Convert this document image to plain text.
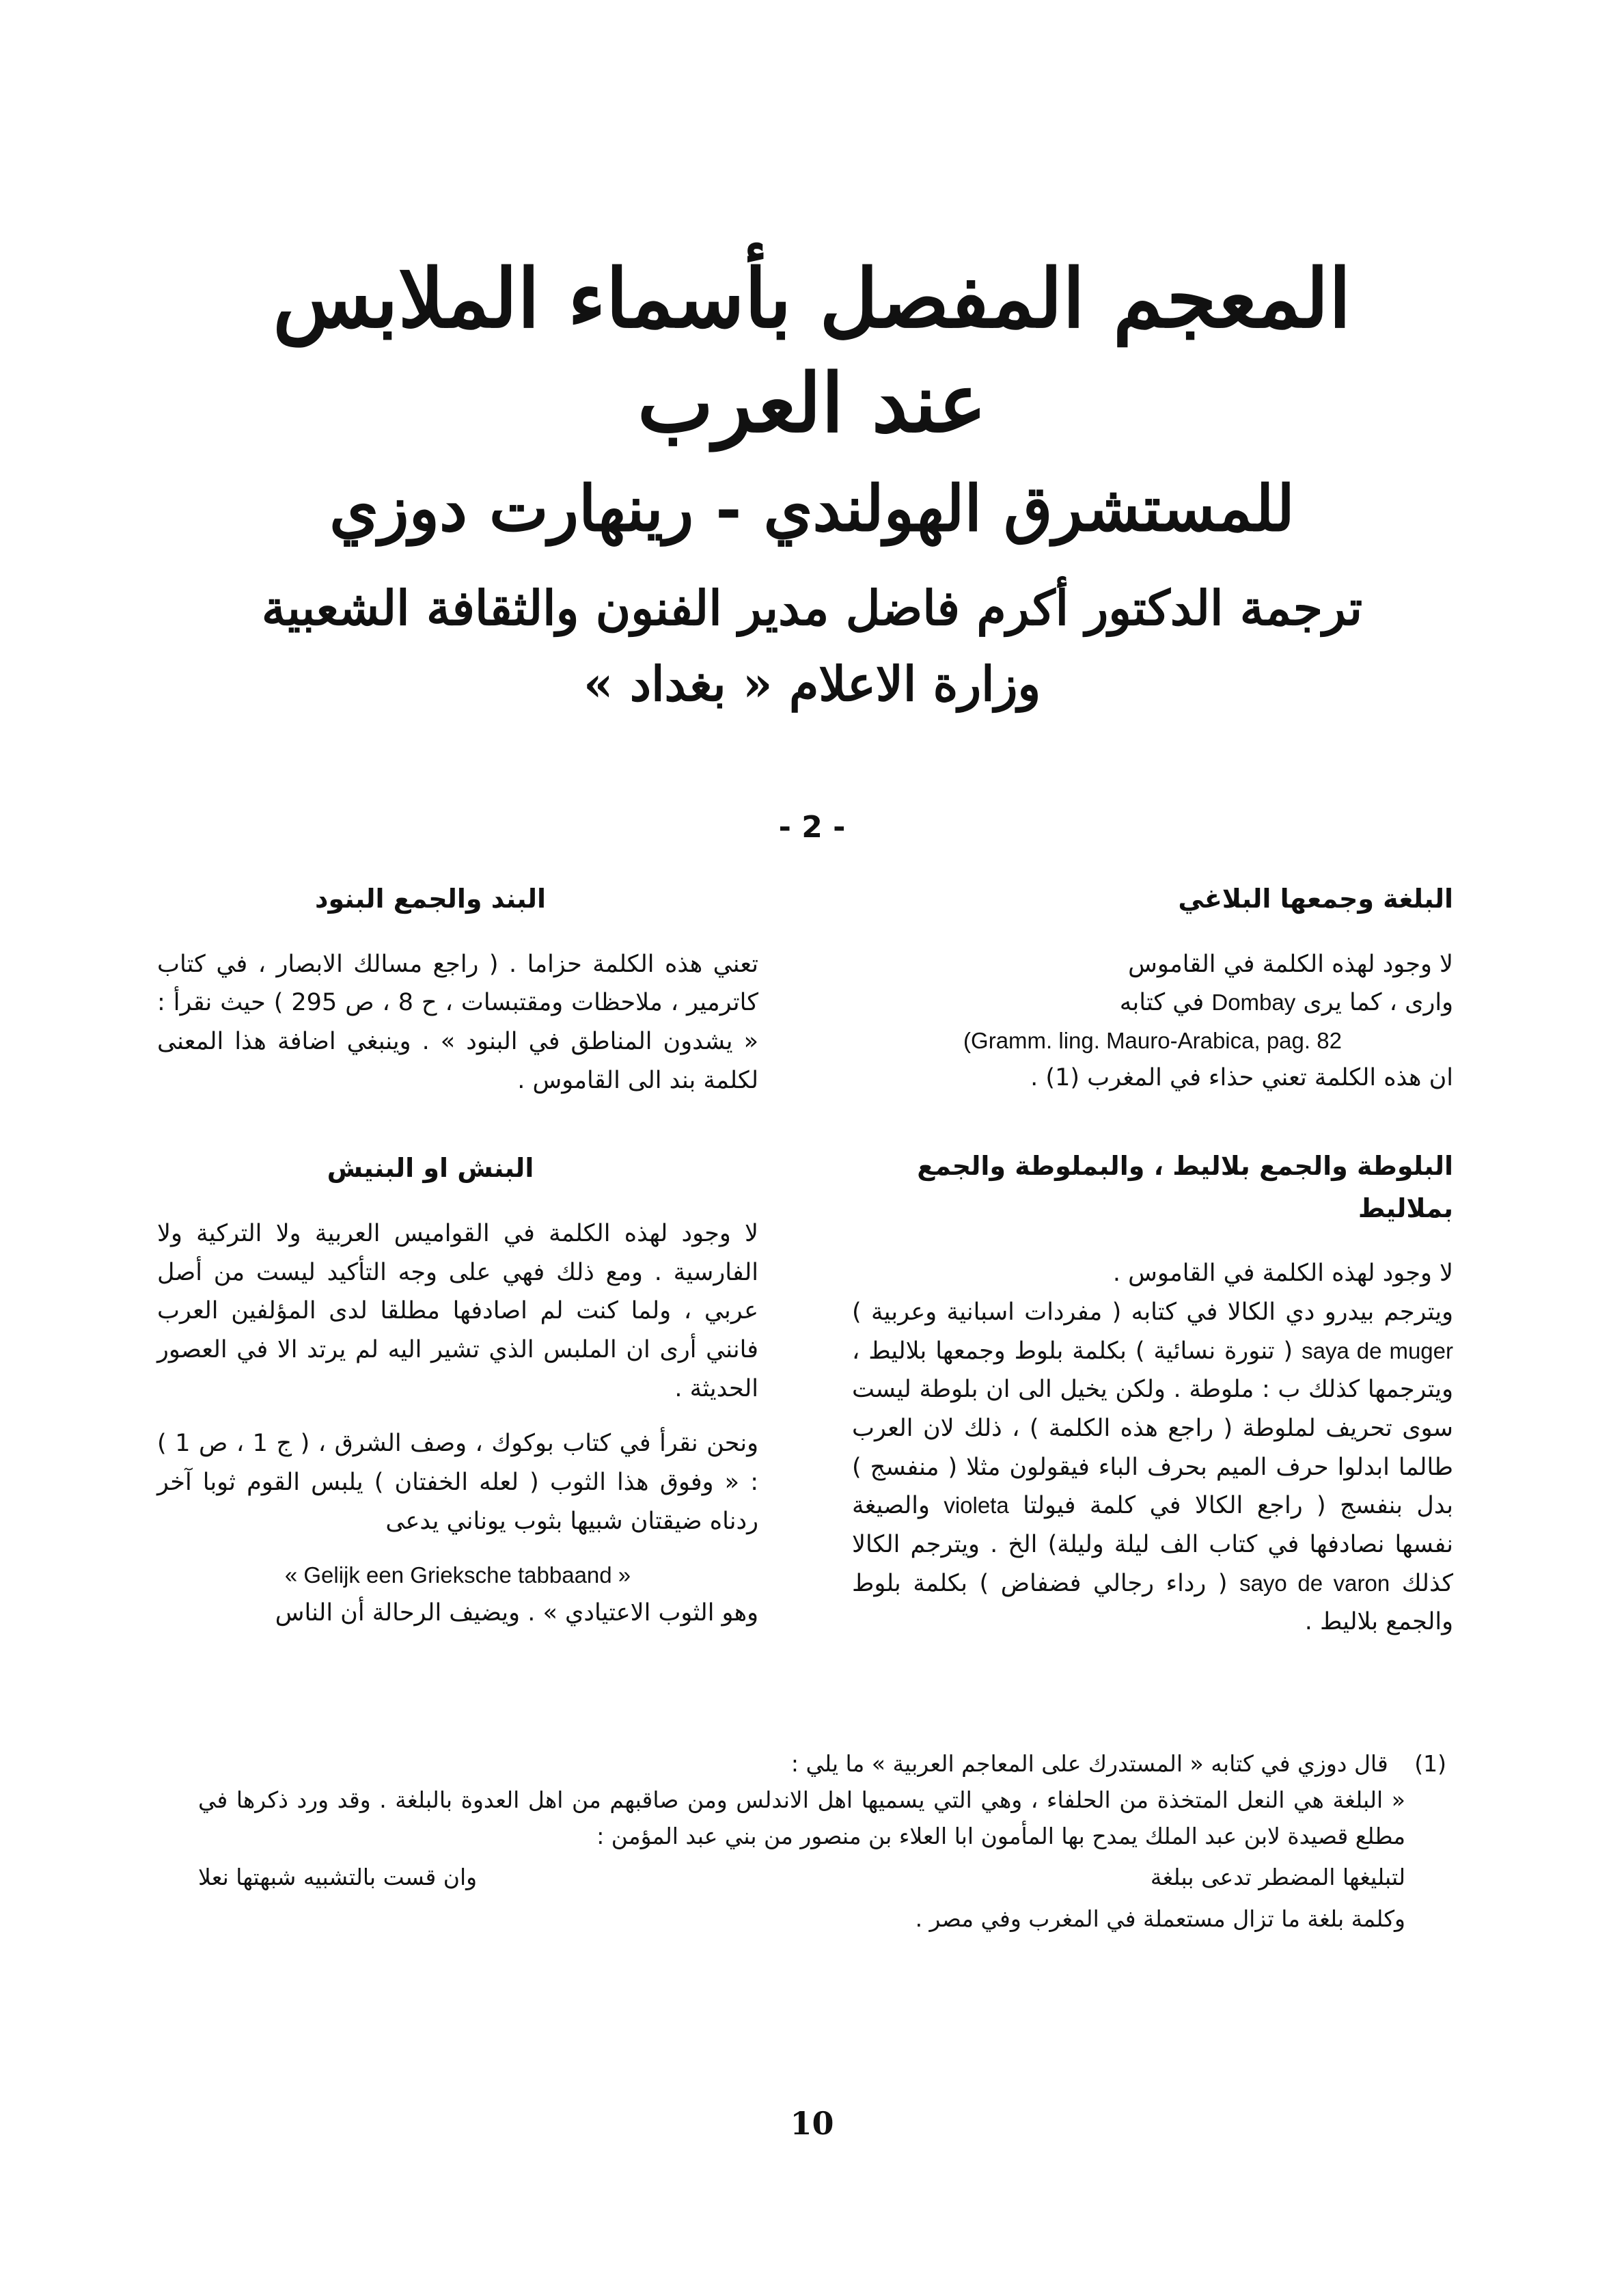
المعجم المفصل بأسماء الملابس عند العرب
للمستشرق الهولندي - رينهارت دوزي
ترجمة الدكتور أكرم فاضل مدير الفنون والثقافة الشعبية
وزارة الاعلام « بغداد »
- 2 -
البلغة وجمعها البلاغي
لا وجود لهذه الكلمة في القاموس
وارى ، كما يرى Dombay في كتابه
(Gramm. ling. Mauro-Arabica, pag. 82
ان هذه الكلمة تعني حذاء في المغرب (1) .
البلوطة والجمع بلاليط ، والبملوطة والجمع بملاليط
لا وجود لهذه الكلمة في القاموس .
ويترجم بيدرو دي الكالا في كتابه ( مفردات اسبانية وعربية ) saya de muger ( تنورة نسائية ) بكلمة بلوط وجمعها بلاليط ، ويترجمها كذلك ب : ملوطة . ولكن يخيل الى ان بلوطة ليست سوى تحريف لملوطة ( راجع هذه الكلمة ) ، ذلك لان العرب طالما ابدلوا حرف الميم بحرف الباء فيقولون مثلا ( منفسج ) بدل بنفسج ( راجع الكالا في كلمة فيولتا violeta والصيغة نفسها نصادفها في كتاب الف ليلة وليلة) الخ . ويترجم الكالا كذلك sayo de varon ( رداء رجالي فضفاض ) بكلمة بلوط والجمع بلاليط .
البند والجمع البنود
تعني هذه الكلمة حزاما . ( راجع مسالك الابصار ، في كتاب كاترمير ، ملاحظات ومقتبسات ، ح 8 ، ص 295 ) حيث نقرأ : « يشدون المناطق في البنود » . وينبغي اضافة هذا المعنى لكلمة بند الى القاموس .
البنش او البنيش
لا وجود لهذه الكلمة في القواميس العربية ولا التركية ولا الفارسية . ومع ذلك فهي على وجه التأكيد ليست من أصل عربي ، ولما كنت لم اصادفها مطلقا لدى المؤلفين العرب فانني أرى ان الملبس الذي تشير اليه لم يرتد الا في العصور الحديثة .
ونحن نقرأ في كتاب بوكوك ، وصف الشرق ، ( ج 1 ، ص 1 ) : « وفوق هذا الثوب ( لعله الخفتان ) يلبس القوم ثوبا آخر ردناه ضيقتان شبيها بثوب يوناني يدعى
« Gelijk een Grieksche tabbaand »
وهو الثوب الاعتيادي » . ويضيف الرحالة أن الناس
(1) قال دوزي في كتابه « المستدرك على المعاجم العربية » ما يلي :
« البلغة هي النعل المتخذة من الحلفاء ، وهي التي يسميها اهل الاندلس ومن صاقبهم من اهل العدوة بالبلغة . وقد ورد ذكرها في مطلع قصيدة لابن عبد الملك يمدح بها المأمون ابا العلاء بن منصور من بني عبد المؤمن :
لتبليغها المضطر تدعى ببلغة
وان قست بالتشبيه شبهتها نعلا
وكلمة بلغة ما تزال مستعملة في المغرب وفي مصر .
10
